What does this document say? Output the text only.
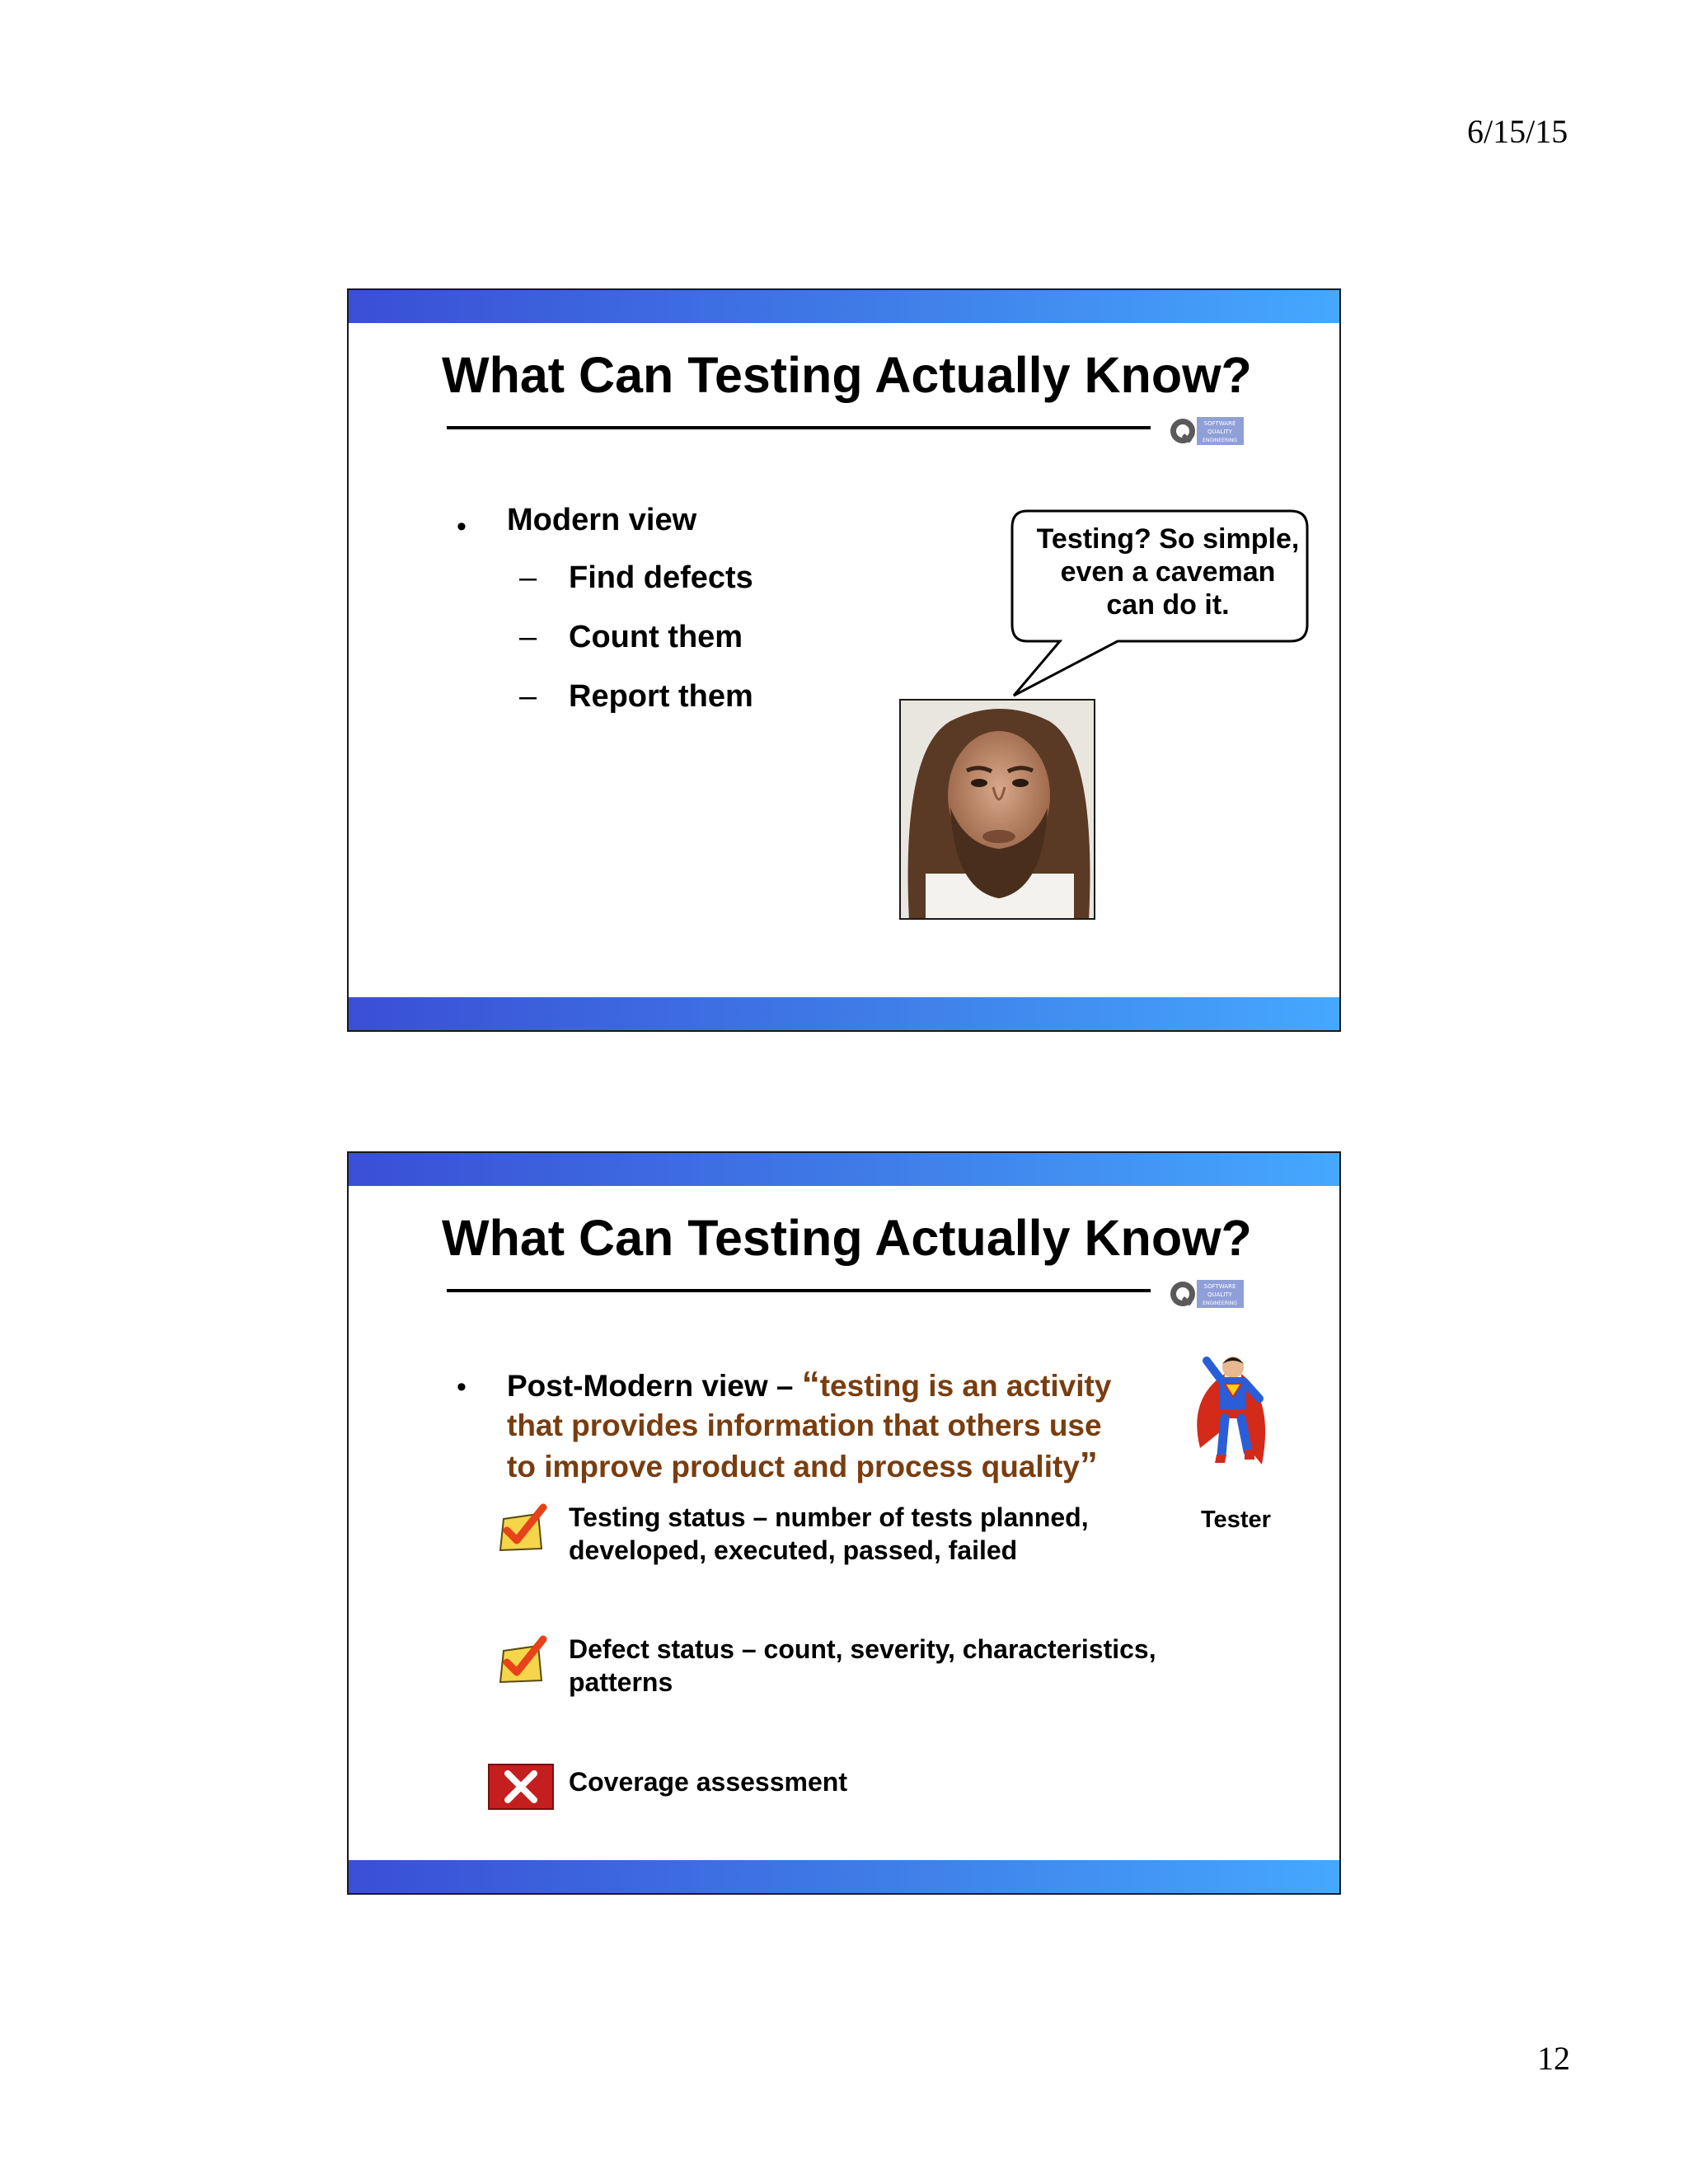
6/15/15
What Can Testing Actually Know?
SOFTWARE
QUALITY
ENGINEERING
• Modern view
– Find defects
– Count them
– Report them
Testing? So simple,
even a caveman
can do it.
What Can Testing Actually Know?
SOFTWARE
QUALITY
ENGINEERING
• Post-Modern view – “testing is an activity
that provides information that others use
to improve product and process quality”
Tester
Testing status – number of tests planned,
developed, executed, passed, failed
Defect status – count, severity, characteristics,
patterns
Coverage assessment
12
